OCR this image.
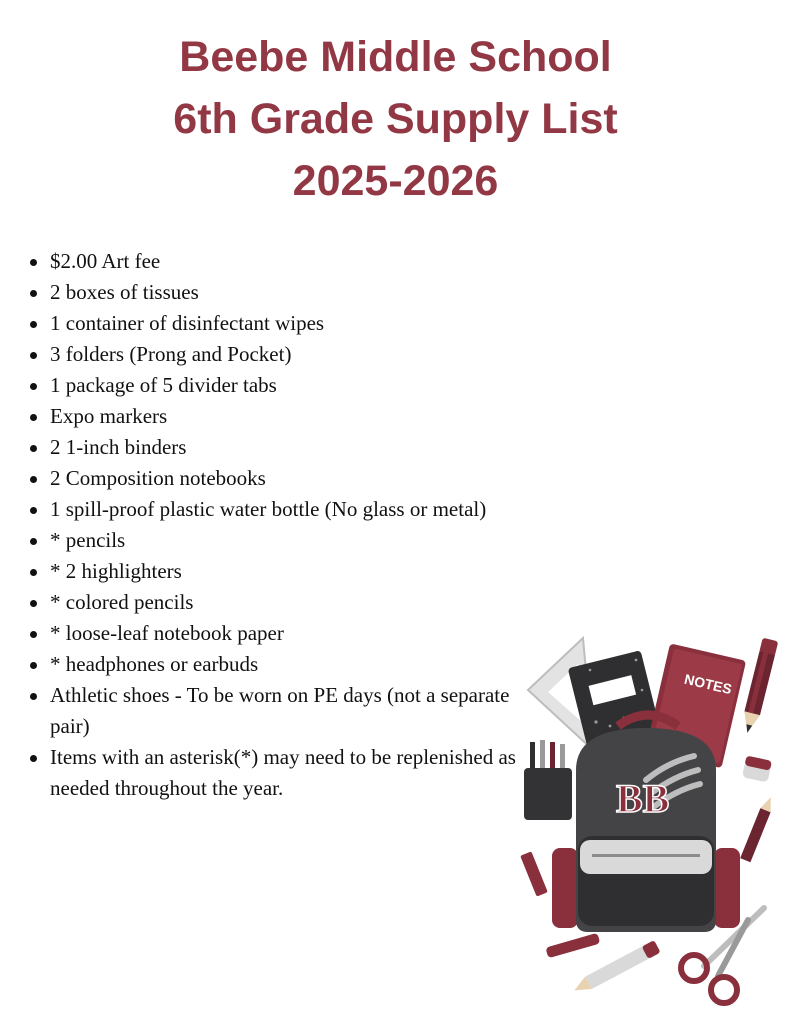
Beebe Middle School
6th Grade Supply List
2025-2026
$2.00 Art fee
2 boxes of tissues
1 container of disinfectant wipes
3 folders (Prong and Pocket)
1 package of 5 divider tabs
Expo markers
2 1-inch binders
2 Composition notebooks
1 spill-proof plastic water bottle (No glass or metal)
* pencils
* 2 highlighters
* colored pencils
* loose-leaf notebook paper
* headphones or earbuds
Athletic shoes - To be worn on PE days (not a separate pair)
Items with an asterisk(*) may need to be replenished as needed throughout the year.
NOTES
BB
